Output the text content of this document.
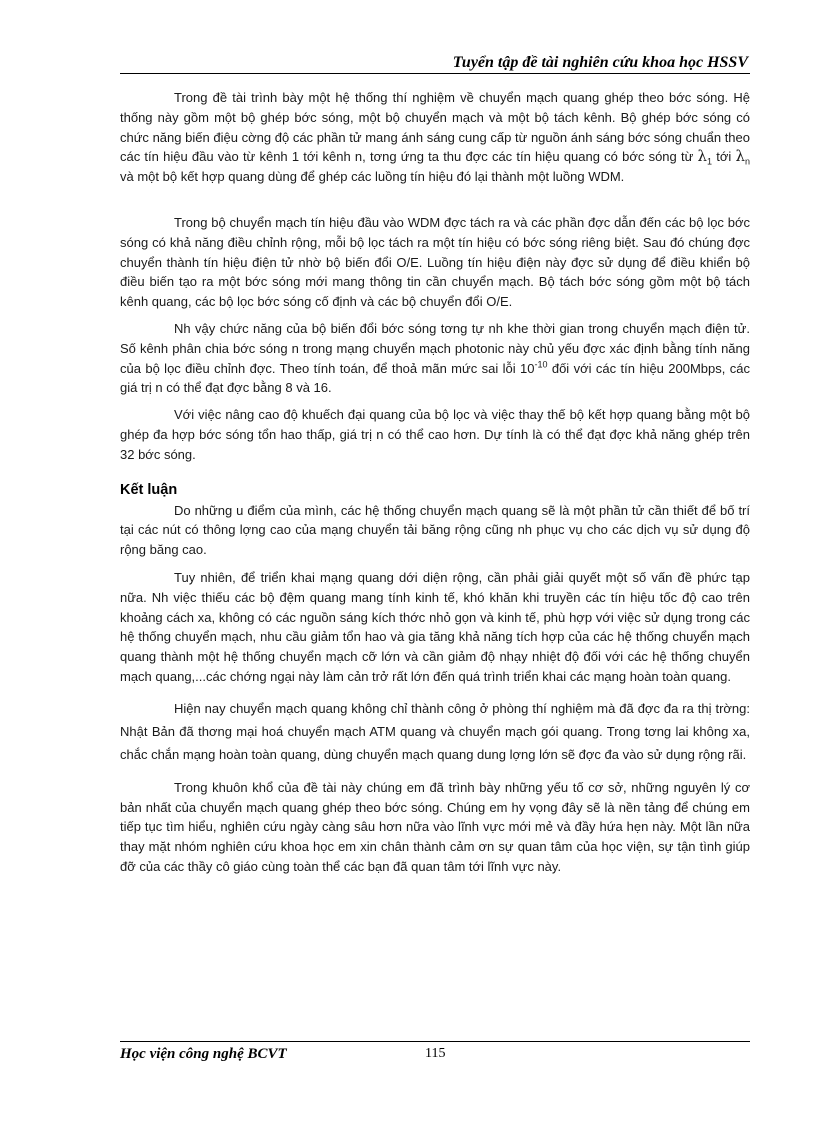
Tuyển tập đề tài nghiên cứu khoa học HSSV

Trong đề tài trình bày một hệ thống thí nghiệm về chuyển mạch quang ghép theo bớc sóng. Hệ thống này gồm một bộ ghép bớc sóng, một bộ chuyển mạch và một bộ tách kênh. Bộ ghép bớc sóng có chức năng biến điệu cờng độ các phần tử mang ánh sáng cung cấp từ nguồn ánh sáng bớc sóng chuẩn theo các tín hiệu đầu vào từ kênh 1 tới kênh n, tơng ứng ta thu đợc các tín hiệu quang có bớc sóng từ $\lambda_1$ tới $\lambda_n$ và một bộ kết hợp quang dùng để ghép các luồng tín hiệu đó lại thành một luồng WDM.

Trong bộ chuyển mạch tín hiệu đầu vào WDM đợc tách ra và các phần đợc dẫn đến các bộ lọc bớc sóng có khả năng điều chỉnh rộng, mỗi bộ lọc tách ra một tín hiệu có bớc sóng riêng biệt. Sau đó chúng đợc chuyển thành tín hiệu điện tử nhờ bộ biến đổi O/E. Luồng tín hiệu điện này đợc sử dụng để điều khiển bộ điều biến tạo ra một bớc sóng mới mang thông tin cần chuyển mạch. Bộ tách bớc sóng gồm một bộ tách kênh quang, các bộ lọc bớc sóng cố định và các bộ chuyển đổi O/E.

Nh vậy chức năng của bộ biến đổi bớc sóng tơng tự nh khe thời gian trong chuyển mạch điện tử. Số kênh phân chia bớc sóng n trong mạng chuyển mạch photonic này chủ yếu đợc xác định bằng tính năng của bộ lọc điều chỉnh đợc. Theo tính toán, để thoả mãn mức sai lỗi $10^{-10}$ đối với các tín hiệu 200Mbps, các giá trị n có thể đạt đợc bằng 8 và 16.

Với việc nâng cao độ khuếch đại quang của bộ lọc và việc thay thế bộ kết hợp quang bằng một bộ ghép đa hợp bớc sóng tổn hao thấp, giá trị n có thể cao hơn. Dự tính là có thể đạt đợc khả năng ghép trên 32 bớc sóng.

Kết luận

Do những u điểm của mình, các hệ thống chuyển mạch quang sẽ là một phần tử cần thiết để bố trí tại các nút có thông lợng cao của mạng chuyển tải băng rộng cũng nh phục vụ cho các dịch vụ sử dụng độ rộng băng cao.

Tuy nhiên, để triển khai mạng quang dới diện rộng, cần phải giải quyết một số vấn đề phức tạp nữa. Nh việc thiếu các bộ đệm quang mang tính kinh tế, khó khăn khi truyền các tín hiệu tốc độ cao trên khoảng cách xa, không có các nguồn sáng kích thớc nhỏ gọn và kinh tế, phù hợp với việc sử dụng trong các hệ thống chuyển mạch, nhu cầu giảm tổn hao và gia tăng khả năng tích hợp của các hệ thống chuyển mạch quang thành một hệ thống chuyển mạch cỡ lớn và cần giảm độ nhạy nhiệt độ đối với các hệ thống chuyển mạch quang,...các chớng ngại này làm cản trở rất lớn đến quá trình triển khai các mạng hoàn toàn quang.

Hiện nay chuyển mạch quang không chỉ thành công ở phòng thí nghiệm mà đã đợc đa ra thị trờng: Nhật Bản đã thơng mại hoá chuyển mạch ATM quang và chuyển mạch gói quang. Trong tơng lai không xa, chắc chắn mạng hoàn toàn quang, dùng chuyển mạch quang dung lợng lớn sẽ đợc đa vào sử dụng rộng rãi.

Trong khuôn khổ của đề tài này chúng em đã trình bày những yếu tố cơ sở, những nguyên lý cơ bản nhất của chuyển mạch quang ghép theo bớc sóng. Chúng em hy vọng đây sẽ là nền tảng để chúng em tiếp tục tìm hiểu, nghiên cứu ngày càng sâu hơn nữa vào lĩnh vực mới mẻ và đầy hứa hẹn này. Một lần nữa thay mặt nhóm nghiên cứu khoa học em xin chân thành cảm ơn sự quan tâm của học viện, sự tận tình giúp đỡ của các thầy cô giáo cùng toàn thể các bạn đã quan tâm tới lĩnh vực này.

Học viện công nghệ BCVT	115
